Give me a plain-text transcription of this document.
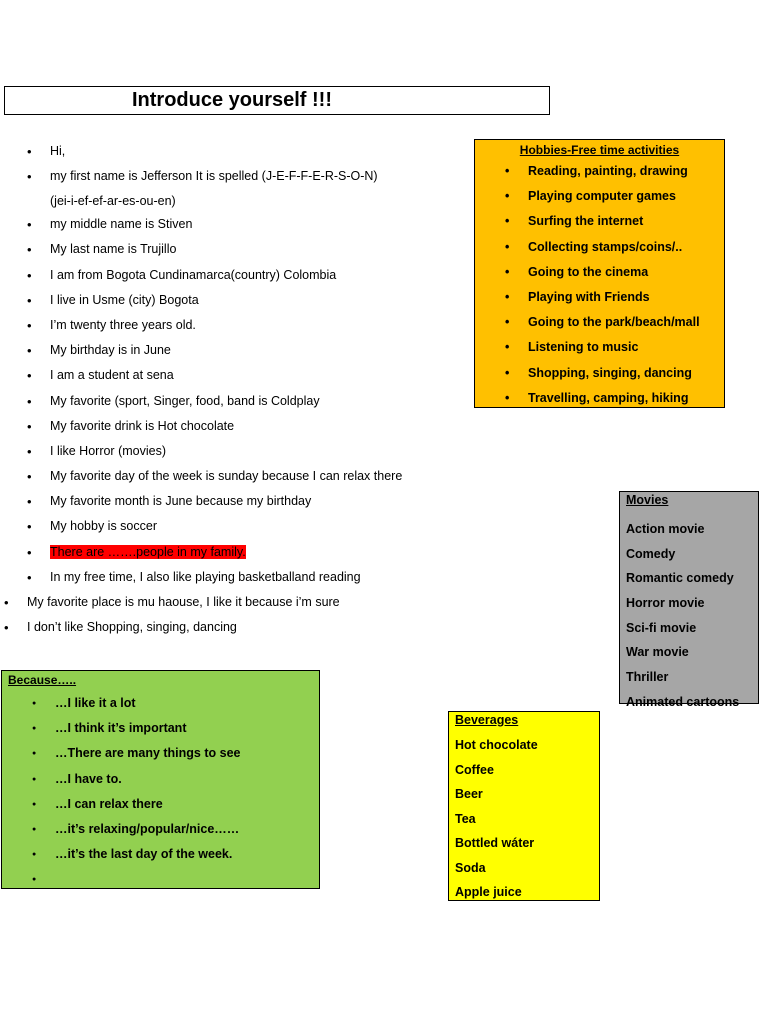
Introduce yourself !!!
• Hi,
• my first name is Jefferson It is spelled (J-E-F-F-E-R-S-O-N)
(jei-i-ef-ef-ar-es-ou-en)
• my middle name is Stiven
• My last name is Trujillo
• I am from Bogota Cundinamarca(country) Colombia
• I live in Usme (city) Bogota
• I’m twenty three years old.
• My birthday is in June
• I am a student at sena
• My favorite (sport, Singer, food, band is Coldplay
• My favorite drink is Hot chocolate
• I like Horror (movies)
• My favorite day of the week is sunday because I can relax there
• My favorite month is June because my birthday
• My hobby is soccer
• There are …….people in my family.
• In my free time, I also like playing basketballand reading
• My favorite place is mu haouse, I like it because i’m sure
• I don’t like Shopping, singing, dancing
Hobbies-Free time activities
• Reading, painting, drawing
• Playing computer games
• Surfing the internet
• Collecting stamps/coins/..
• Going to the cinema
• Playing with Friends
• Going to the park/beach/mall
• Listening to music
• Shopping, singing, dancing
• Travelling, camping, hiking
Movies
Action movie
Comedy
Romantic comedy
Horror movie
Sci-fi movie
War movie
Thriller
Animated cartoons
Because…..
● …I like it a lot
● …I think it’s important
● …There are many things to see
● …I have to.
● …I can relax there
● …it’s relaxing/popular/nice……
● …it’s the last day of the week.
●
Beverages
Hot chocolate
Coffee
Beer
Tea
Bottled wáter
Soda
Apple juice
